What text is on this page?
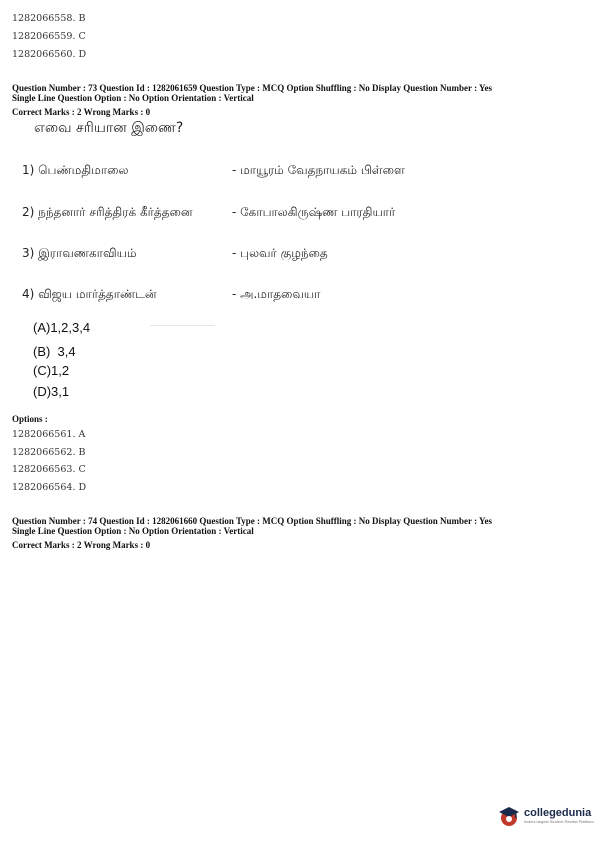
1282066558. B
1282066559. C
1282066560. D
Question Number : 73 Question Id : 1282061659 Question Type : MCQ Option Shuffling : No Display Question Number : Yes
Single Line Question Option : No Option Orientation : Vertical
Correct Marks : 2 Wrong Marks : 0
எவை சரியான இணை?
1) பெண்மதிமாலை	- மாயூரம் வேதநாயகம் பிள்ளை
2) நந்தனார் சரித்திரக் கீர்த்தனை	- கோபாலகிருஷ்ண பாரதியார்
3) இராவணகாவியம்	- புலவர் குழந்தை
4) விஜய மார்த்தாண்டன்	- அ.மாதவையா
(A)1,2,3,4
(B)  3,4
(C)1,2
(D)3,1
Options :
1282066561. A
1282066562. B
1282066563. C
1282066564. D
Question Number : 74 Question Id : 1282061660 Question Type : MCQ Option Shuffling : No Display Question Number : Yes
Single Line Question Option : No Option Orientation : Vertical
Correct Marks : 2 Wrong Marks : 0
collegedunia
India's largest Student Review Platform
